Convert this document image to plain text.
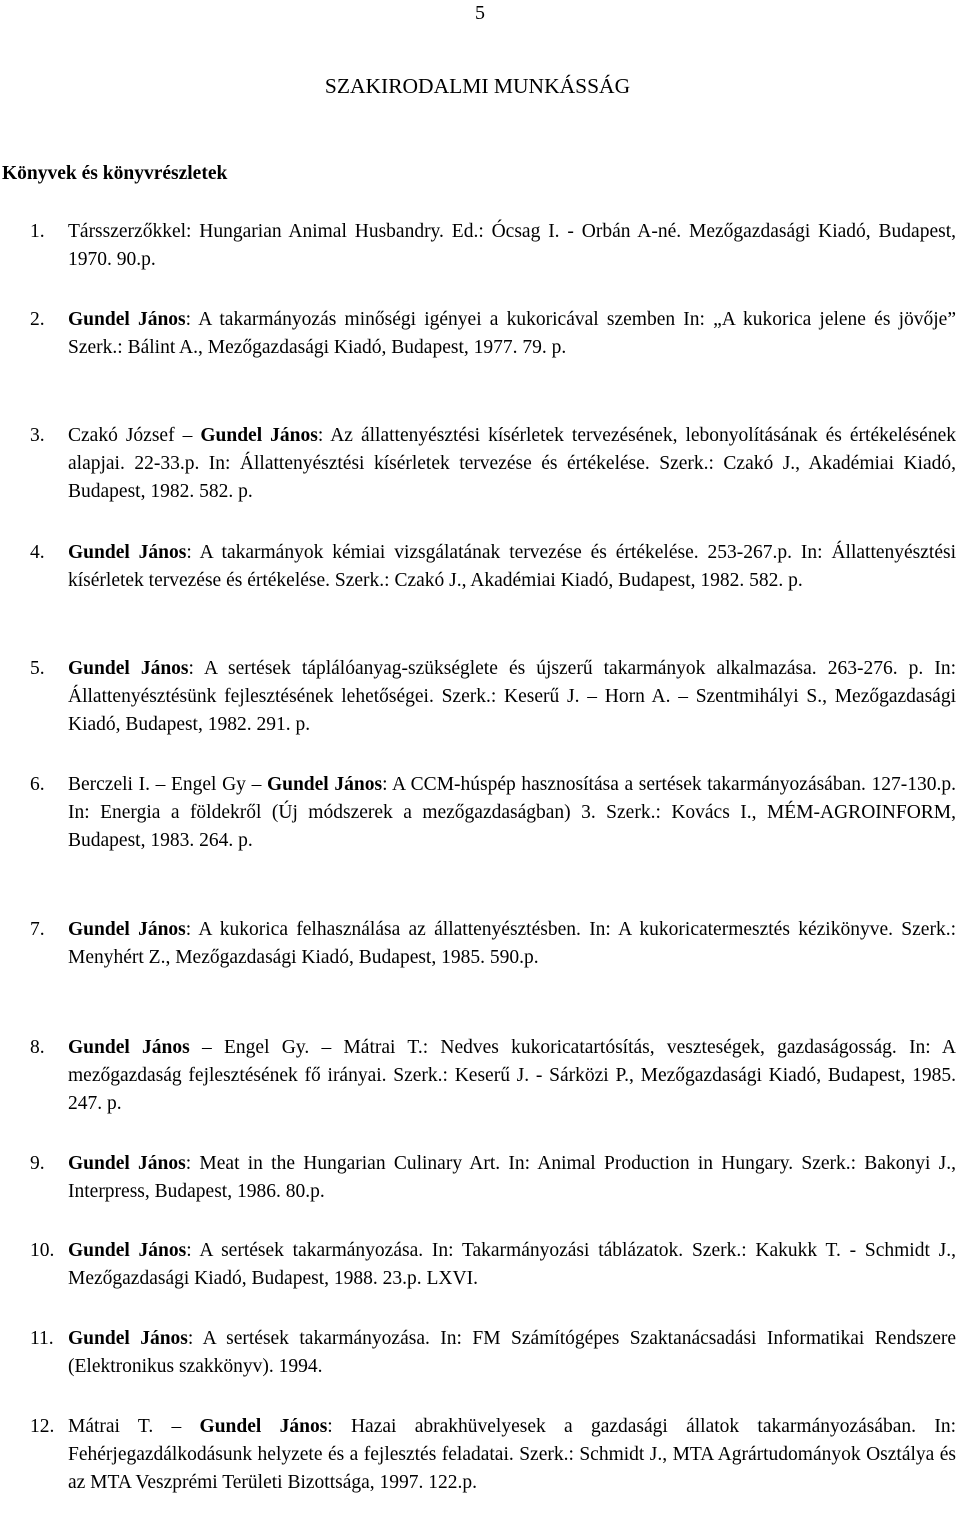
5
SZAKIRODALMI MUNKÁSSÁG
Könyvek és könyvrészletek
1. Társszerzőkkel: Hungarian Animal Husbandry. Ed.: Ócsag I. - Orbán A-né. Mezőgazdasági Kiadó, Budapest, 1970. 90.p.
2. Gundel János: A takarmányozás minőségi igényei a kukoricával szemben In: „A kukorica jelene és jövője” Szerk.: Bálint A., Mezőgazdasági Kiadó, Budapest, 1977. 79. p.
3. Czakó József – Gundel János: Az állattenyésztési kísérletek tervezésének, lebonyolításának és értékelésének alapjai. 22-33.p. In: Állattenyésztési kísérletek tervezése és értékelése. Szerk.: Czakó J., Akadémiai Kiadó, Budapest, 1982. 582. p.
4. Gundel János: A takarmányok kémiai vizsgálatának tervezése és értékelése. 253-267.p. In: Állattenyésztési kísérletek tervezése és értékelése. Szerk.: Czakó J., Akadémiai Kiadó, Budapest, 1982. 582. p.
5. Gundel János: A sertések táplálóanyag-szükséglete és újszerű takarmányok alkalmazása. 263-276. p. In: Állattenyésztésünk fejlesztésének lehetőségei. Szerk.: Keserű J. – Horn A. – Szentmihályi S., Mezőgazdasági Kiadó, Budapest, 1982. 291. p.
6. Berczeli I. – Engel Gy – Gundel János: A CCM-húspép hasznosítása a sertések takarmányozásában. 127-130.p. In: Energia a földekről (Új módszerek a mezőgazdaságban) 3. Szerk.: Kovács I., MÉM-AGROINFORM, Budapest, 1983. 264. p.
7. Gundel János: A kukorica felhasználása az állattenyésztésben. In: A kukoricatermesztés kézikönyve. Szerk.: Menyhért Z., Mezőgazdasági Kiadó, Budapest, 1985. 590.p.
8. Gundel János – Engel Gy. – Mátrai T.: Nedves kukoricatartósítás, veszteségek, gazdaságosság. In: A mezőgazdaság fejlesztésének fő irányai. Szerk.: Keserű J. - Sárközi P., Mezőgazdasági Kiadó, Budapest, 1985. 247. p.
9. Gundel János: Meat in the Hungarian Culinary Art. In: Animal Production in Hungary. Szerk.: Bakonyi J., Interpress, Budapest, 1986. 80.p.
10. Gundel János: A sertések takarmányozása. In: Takarmányozási táblázatok. Szerk.: Kakukk T. - Schmidt J., Mezőgazdasági Kiadó, Budapest, 1988. 23.p. LXVI.
11. Gundel János: A sertések takarmányozása. In: FM Számítógépes Szaktanácsadási Informatikai Rendszere (Elektronikus szakkönyv). 1994.
12. Mátrai T. – Gundel János: Hazai abrakhüvelyesek a gazdasági állatok takarmányozásában. In: Fehérjegazdálkodásunk helyzete és a fejlesztés feladatai. Szerk.: Schmidt J., MTA Agrártudományok Osztálya és az MTA Veszprémi Területi Bizottsága, 1997. 122.p.
